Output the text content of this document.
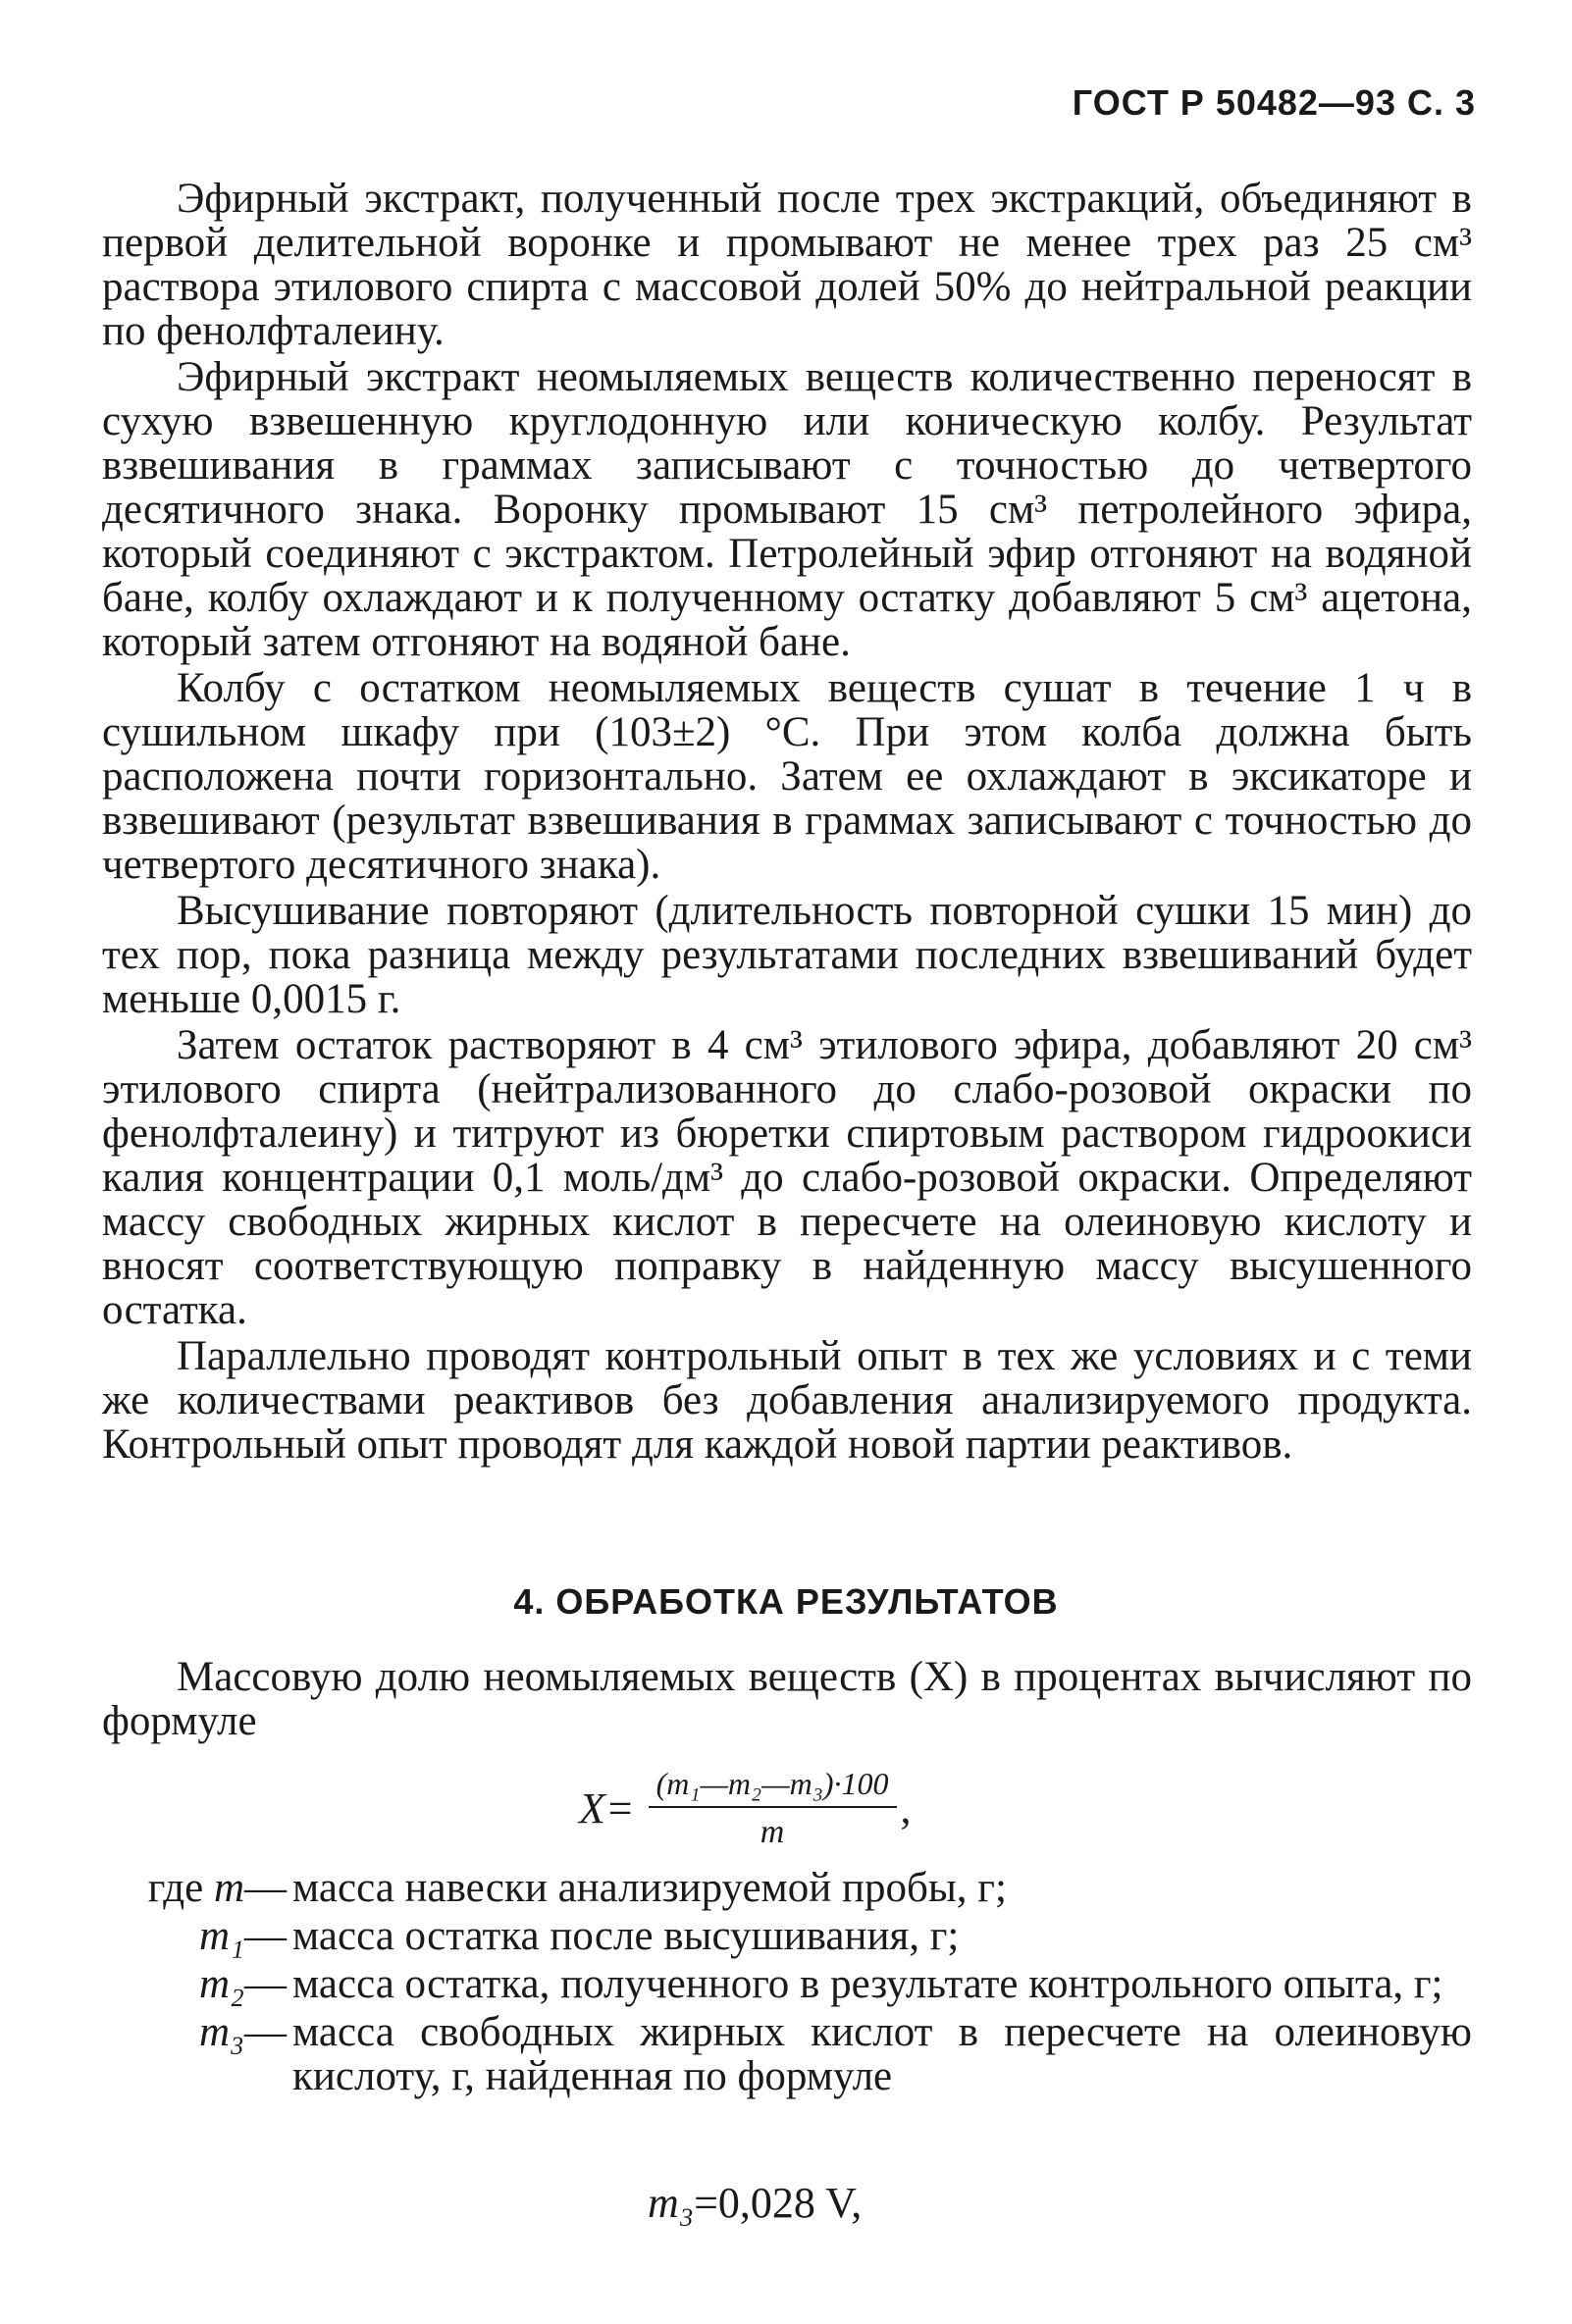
ГОСТ Р 50482—93 С. 3

Эфирный экстракт, полученный после трех экстракций, объединяют в первой делительной воронке и промывают не менее трех раз 25 см³ раствора этилового спирта с массовой долей 50% до нейтральной реакции по фенолфталеину.

Эфирный экстракт неомыляемых веществ количественно переносят в сухую взвешенную круглодонную или коническую колбу. Результат взвешивания в граммах записывают с точностью до четвертого десятичного знака. Воронку промывают 15 см³ петролейного эфира, который соединяют с экстрактом. Петролейный эфир отгоняют на водяной бане, колбу охлаждают и к полученному остатку добавляют 5 см³ ацетона, который затем отгоняют на водяной бане.

Колбу с остатком неомыляемых веществ сушат в течение 1 ч в сушильном шкафу при (103±2) °С. При этом колба должна быть расположена почти горизонтально. Затем ее охлаждают в эксикаторе и взвешивают (результат взвешивания в граммах записывают с точностью до четвертого десятичного знака).

Высушивание повторяют (длительность повторной сушки 15 мин) до тех пор, пока разница между результатами последних взвешиваний будет меньше 0,0015 г.

Затем остаток растворяют в 4 см³ этилового эфира, добавляют 20 см³ этилового спирта (нейтрализованного до слабо-розовой окраски по фенолфталеину) и титруют из бюретки спиртовым раствором гидроокиси калия концентрации 0,1 моль/дм³ до слабо-розовой окраски. Определяют массу свободных жирных кислот в пересчете на олеиновую кислоту и вносят соответствующую поправку в найденную массу высушенного остатка.

Параллельно проводят контрольный опыт в тех же условиях и с теми же количествами реактивов без добавления анализируемого продукта. Контрольный опыт проводят для каждой новой партии реактивов.

4. ОБРАБОТКА РЕЗУЛЬТАТОВ

Массовую долю неомыляемых веществ (X) в процентах вычисляют по формуле

$X= \frac{\text{(m₁—m₂—m₃)·100}}{m}$ ,
где m— масса навески анализируемой пробы, г;
m₁— масса остатка после высушивания, г;
m₂— масса остатка, полученного в результате контрольного опыта, г;
m₃— масса свободных жирных кислот в пересчете на олеиновую кислоту, г, найденная по формуле
m₃=0,028 V,
